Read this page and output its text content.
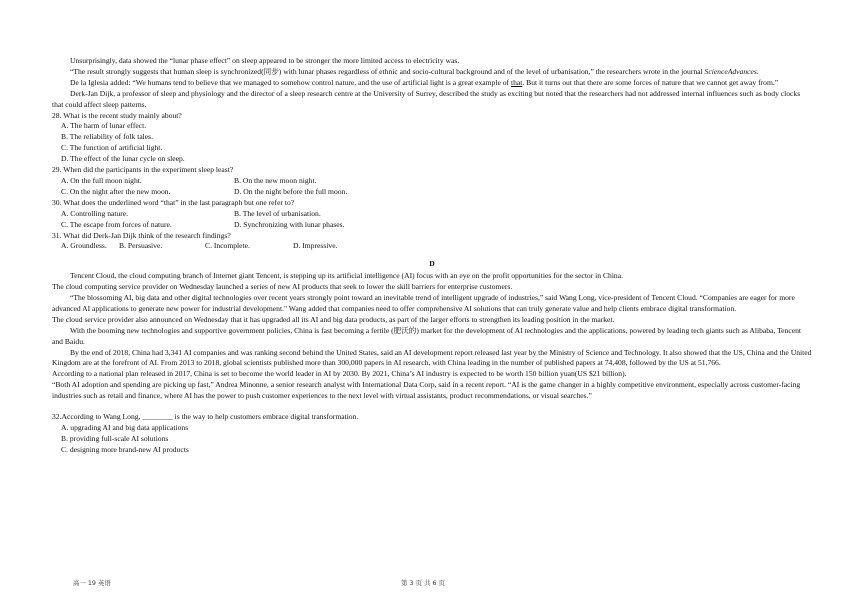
Unsurprisingly, data showed the “lunar phase effect” on sleep appeared to be stronger the more limited access to electricity was.

“The result strongly suggests that human sleep is synchronized(同步) with lunar phases regardless of ethnic and socio-cultural background and of the level of urbanisation,” the researchers wrote in the journal ScienceAdvances.

De la Iglesia added: “We humans tend to believe that we managed to somehow control nature, and the use of artificial light is a great example of that. But it turns out that there are some forces of nature that we cannot get away from.”

Derk-Jan Dijk, a professor of sleep and physiology and the director of a sleep research centre at the University of Surrey, described the study as exciting but noted that the researchers had not addressed internal influences such as body clocks that could affect sleep patterns.

28. What is the recent study mainly about?

A. The harm of lunar effect.

B. The reliability of folk tales.

C. The function of artificial light.

D. The effect of the lunar cycle on sleep.

29. When did the participants in the experiment sleep least?

A. On the full moon night.	B. On the new moon night.

C. On the night after the new moon.	D. On the night before the full moon.

30. What does the underlined word “that” in the last paragraph but one refer to?

A. Controlling nature.	B. The level of urbanisation.

C. The escape from forces of nature.	D. Synchronizing with lunar phases.

31. What did Derk-Jan Dijk think of the research findings?

A. Groundless.	B. Persuasive.	C. Incomplete.	D. Impressive.

D

Tencent Cloud, the cloud computing branch of Internet giant Tencent, is stepping up its artificial intelligence (AI) focus with an eye on the profit opportunities for the sector in China.

The cloud computing service provider on Wednesday launched a series of new AI products that seek to lower the skill barriers for enterprise customers.

“The blossoming AI, big data and other digital technologies over recent years strongly point toward an inevitable trend of intelligent upgrade of industries,” said Wang Long, vice-president of Tencent Cloud. “Companies are eager for more advanced AI applications to generate new power for industrial development." Wang added that companies need to offer comprehensive AI solutions that can truly generate value and help clients embrace digital transformation.

The cloud service provider also announced on Wednesday that it has upgraded all its AI and big data products, as part of the larger efforts to strengthen its leading position in the market.

With the booming new technologies and supportive government policies, China is fast becoming a fertile (肥沃的) market for the development of AI technologies and the applications, powered by leading tech giants such as Alibaba, Tencent and Baidu.

By the end of 2018, China had 3,341 AI companies and was ranking second behind the United States, said an AI development report released last year by the Ministry of Science and Technology. It also showed that the US, China and the United Kingdom are at the forefront of AI. From 2013 to 2018, global scientists published more than 300,000 papers in AI research, with China leading in the number of published papers at 74,408, followed by the US at 51,766.

According to a national plan released in 2017, China is set to become the world leader in AI by 2030. By 2021, China’s AI industry is expected to be worth 150 billion yuan(US $21 billion).

“Both AI adoption and spending are picking up fast,” Andrea Minonne, a senior research analyst with International Data Corp, said in a recent report. “AI is the game changer in a highly competitive environment, especially across customer-facing industries such as retail and finance, where AI has the power to push customer experiences to the next level with virtual assistants, product recommendations, or visual searches.”

32.According to Wang Long, ________ is the way to help customers embrace digital transformation.

A. upgrading AI and big data applications

B. providing full-scale AI solutions

C. designing more brand-new AI products

高一 19 英语	第 3 页 共 6 页
